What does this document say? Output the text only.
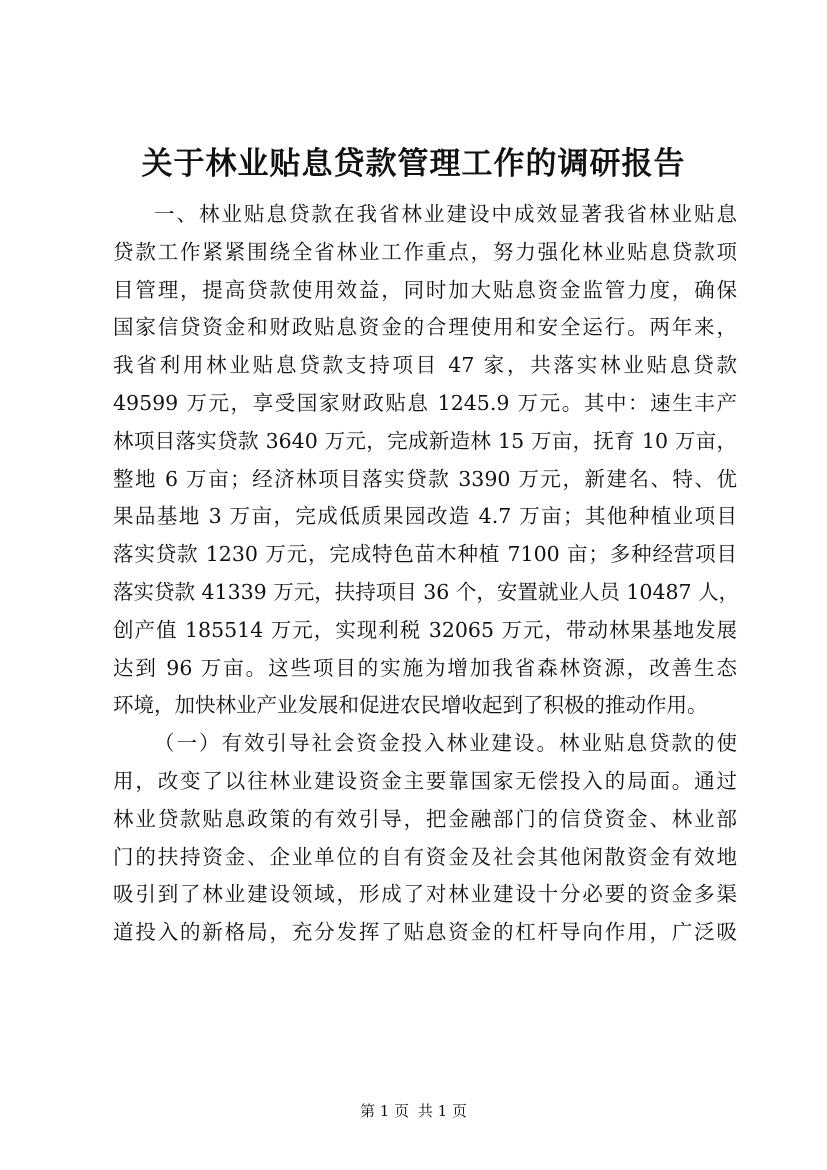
关于林业贴息贷款管理工作的调研报告
一、林业贴息贷款在我省林业建设中成效显著我省林业贴息
贷款工作紧紧围绕全省林业工作重点，努力强化林业贴息贷款项
目管理，提高贷款使用效益，同时加大贴息资金监管力度，确保
国家信贷资金和财政贴息资金的合理使用和安全运行。两年来，
我省利用林业贴息贷款支持项目 47 家，共落实林业贴息贷款
49599 万元，享受国家财政贴息 1245.9 万元。其中：速生丰产
林项目落实贷款 3640 万元，完成新造林 15 万亩，抚育 10 万亩，
整地 6 万亩；经济林项目落实贷款 3390 万元，新建名、特、优
果品基地 3 万亩，完成低质果园改造 4.7 万亩；其他种植业项目
落实贷款 1230 万元，完成特色苗木种植 7100 亩；多种经营项目
落实贷款 41339 万元，扶持项目 36 个，安置就业人员 10487 人，
创产值 185514 万元，实现利税 32065 万元，带动林果基地发展
达到 96 万亩。这些项目的实施为增加我省森林资源，改善生态
环境，加快林业产业发展和促进农民增收起到了积极的推动作用。
（一）有效引导社会资金投入林业建设。林业贴息贷款的使
用，改变了以往林业建设资金主要靠国家无偿投入的局面。通过
林业贷款贴息政策的有效引导，把金融部门的信贷资金、林业部
门的扶持资金、企业单位的自有资金及社会其他闲散资金有效地
吸引到了林业建设领域，形成了对林业建设十分必要的资金多渠
道投入的新格局，充分发挥了贴息资金的杠杆导向作用，广泛吸
第 1 页 共 1 页
